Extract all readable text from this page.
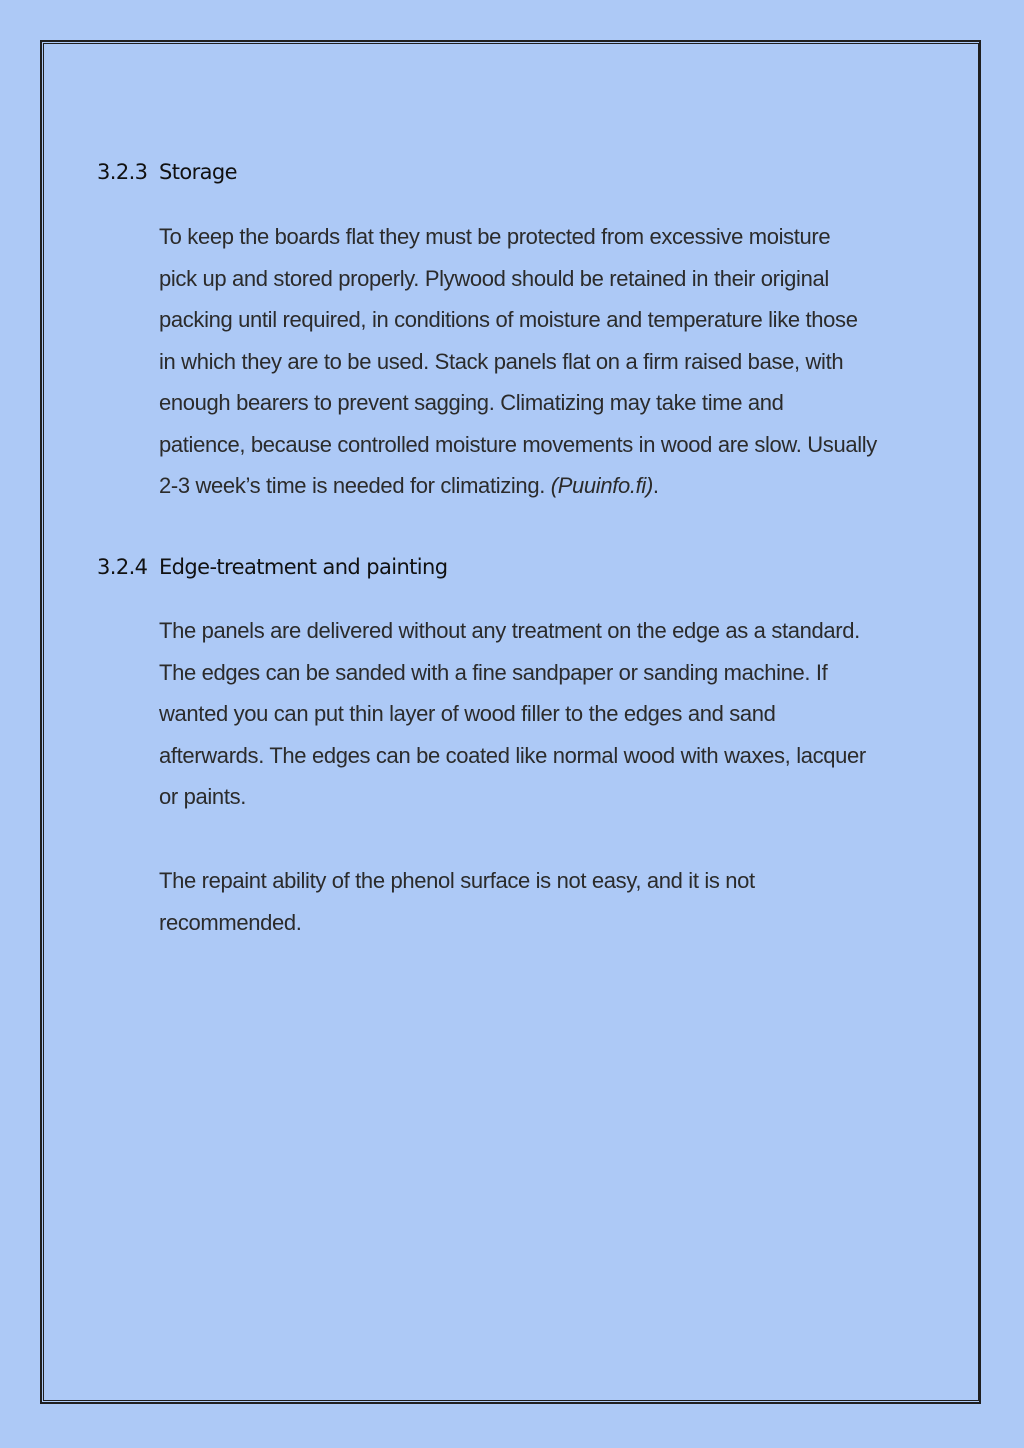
3.2.3 Storage

To keep the boards flat they must be protected from excessive moisture
pick up and stored properly. Plywood should be retained in their original
packing until required, in conditions of moisture and temperature like those
in which they are to be used. Stack panels flat on a firm raised base, with
enough bearers to prevent sagging. Climatizing may take time and
patience, because controlled moisture movements in wood are slow. Usually
2-3 week’s time is needed for climatizing. (Puuinfo.fi).

3.2.4 Edge-treatment and painting

The panels are delivered without any treatment on the edge as a standard.
The edges can be sanded with a fine sandpaper or sanding machine. If
wanted you can put thin layer of wood filler to the edges and sand
afterwards. The edges can be coated like normal wood with waxes, lacquer
or paints.

The repaint ability of the phenol surface is not easy, and it is not
recommended.
